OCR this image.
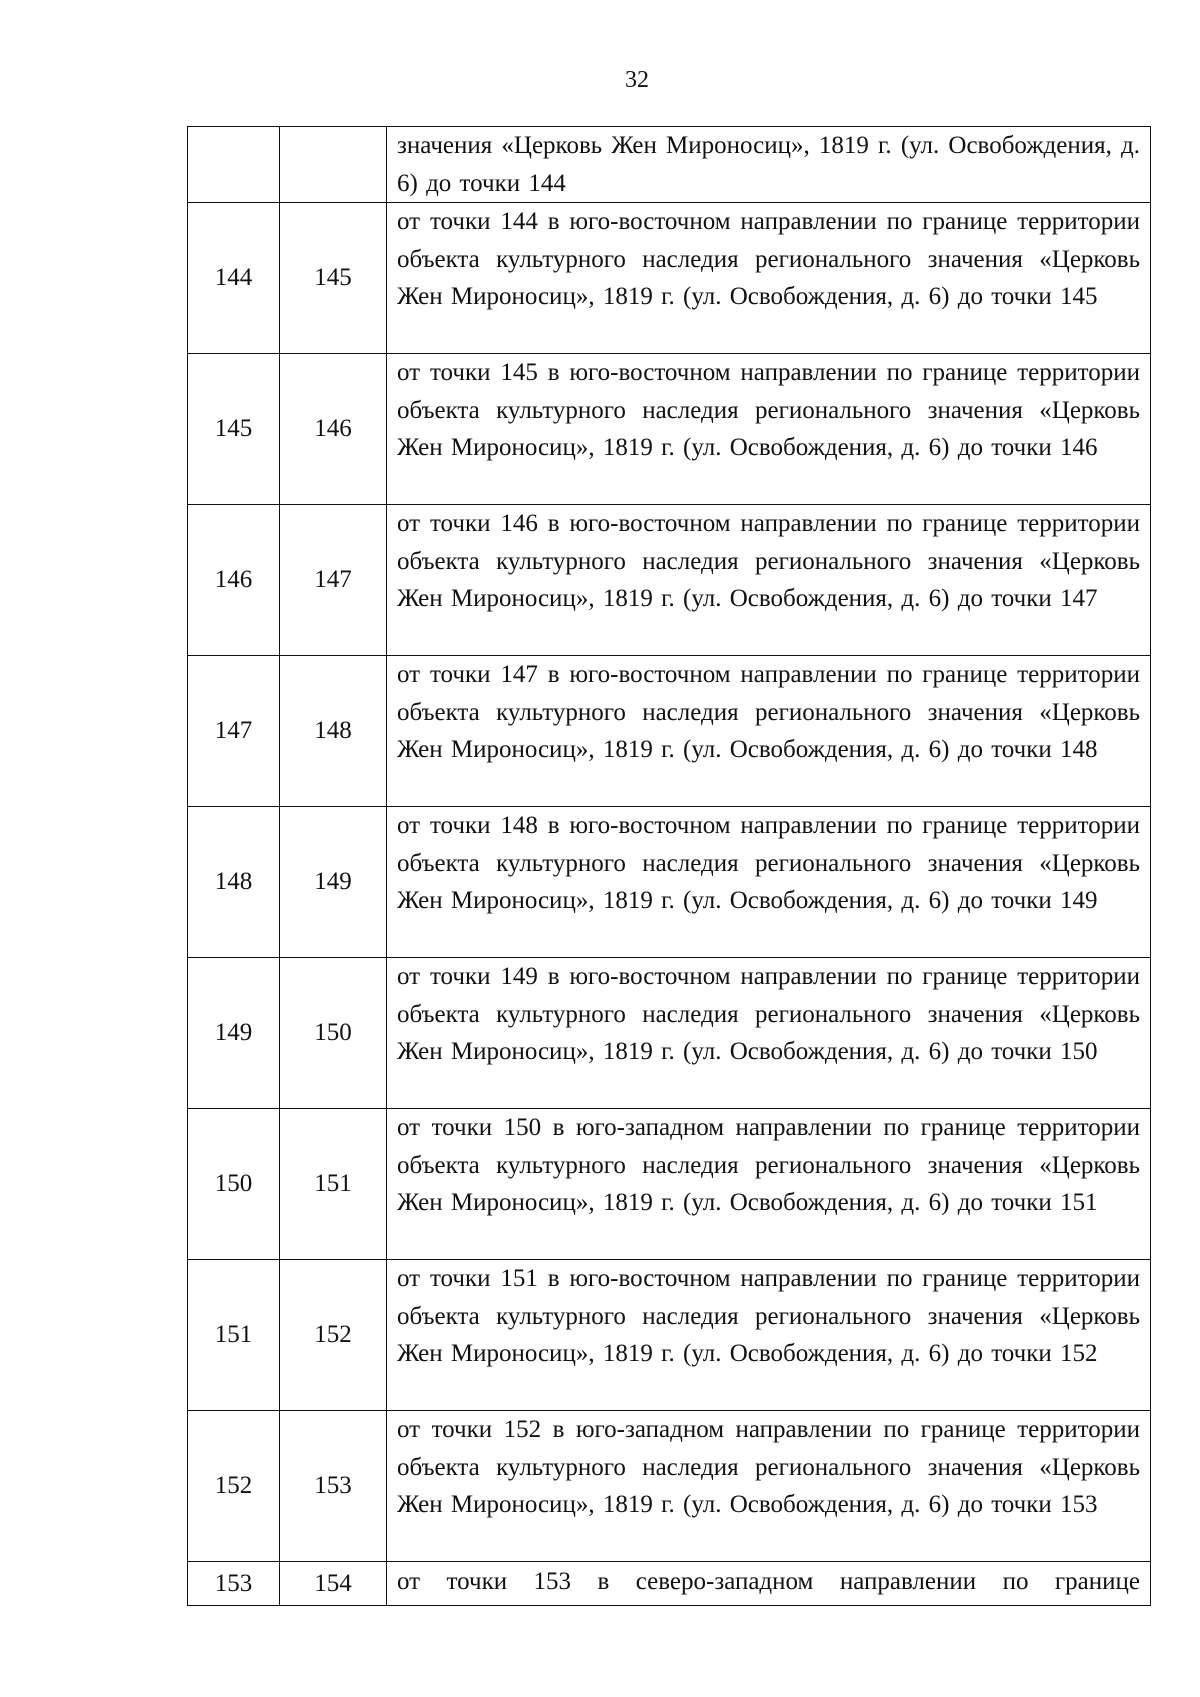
32

		значения «Церковь Жен Мироносиц», 1819 г. (ул. Освобождения, д. 6) до точки 144

144	145	от точки 144 в юго-восточном направлении по границе территории объекта культурного наследия регионального значения «Церковь Жен Мироносиц», 1819 г. (ул. Освобождения, д. 6) до точки 145

145	146	от точки 145 в юго-восточном направлении по границе территории объекта культурного наследия регионального значения «Церковь Жен Мироносиц», 1819 г. (ул. Освобождения, д. 6) до точки 146

146	147	от точки 146 в юго-восточном направлении по границе территории объекта культурного наследия регионального значения «Церковь Жен Мироносиц», 1819 г. (ул. Освобождения, д. 6) до точки 147

147	148	от точки 147 в юго-восточном направлении по границе территории объекта культурного наследия регионального значения «Церковь Жен Мироносиц», 1819 г. (ул. Освобождения, д. 6) до точки 148

148	149	от точки 148 в юго-восточном направлении по границе территории объекта культурного наследия регионального значения «Церковь Жен Мироносиц», 1819 г. (ул. Освобождения, д. 6) до точки 149

149	150	от точки 149 в юго-восточном направлении по границе территории объекта культурного наследия регионального значения «Церковь Жен Мироносиц», 1819 г. (ул. Освобождения, д. 6) до точки 150

150	151	от точки 150 в юго-западном направлении по границе территории объекта культурного наследия регионального значения «Церковь Жен Мироносиц», 1819 г. (ул. Освобождения, д. 6) до точки 151

151	152	от точки 151 в юго-восточном направлении по границе территории объекта культурного наследия регионального значения «Церковь Жен Мироносиц», 1819 г. (ул. Освобождения, д. 6) до точки 152

152	153	от точки 152 в юго-западном направлении по границе территории объекта культурного наследия регионального значения «Церковь Жен Мироносиц», 1819 г. (ул. Освобождения, д. 6) до точки 153

153	154	от точки 153 в северо-западном направлении по границе
